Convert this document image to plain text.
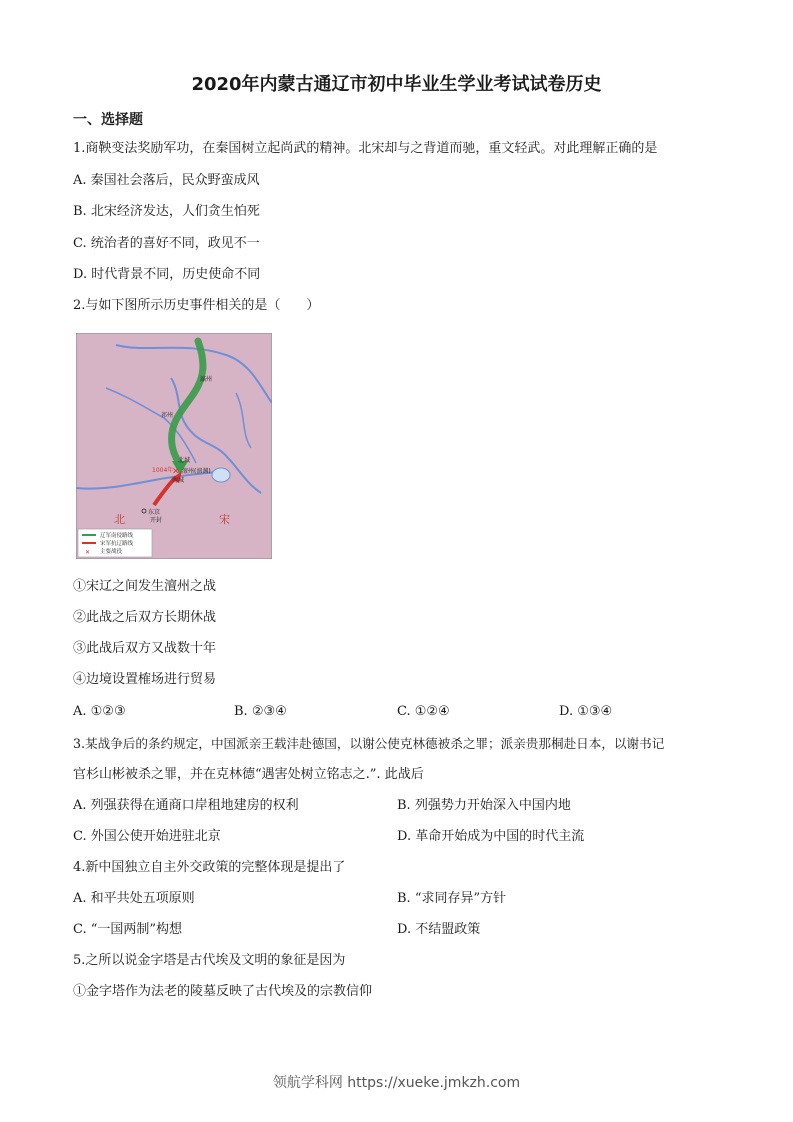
2020年内蒙古通辽市初中毕业生学业考试试卷历史
一、选择题
1.商鞅变法奖励军功，在秦国树立起尚武的精神。北宋却与之背道而驰，重文轻武。对此理解正确的是
A. 秦国社会落后，民众野蛮成风
B. 北宋经济发达，人们贪生怕死
C. 统治者的喜好不同，政见不一
D. 时代背景不同，历史使命不同
2.与如下图所示历史事件相关的是（　　）
✕
瀛州
祁州
北城
1004年 澶州(澶渊)
南城
东京
开封
北	宋
辽军南侵路线
宋军抗辽路线
✕ 主要战役
①宋辽之间发生澶州之战
②此战之后双方长期休战
③此战后双方又战数十年
④边境设置榷场进行贸易
A. ①②③	B. ②③④	C. ①②④	D. ①③④
3.某战争后的条约规定，中国派亲王载沣赴德国，以谢公使克林德被杀之罪；派亲贵那桐赴日本，以谢书记
官杉山彬被杀之罪，并在克林德“遇害处树立铭志之.”. 此战后
A. 列强获得在通商口岸租地建房的权利	B. 列强势力开始深入中国内地
C. 外国公使开始进驻北京	D. 革命开始成为中国的时代主流
4.新中国独立自主外交政策的完整体现是提出了
A. 和平共处五项原则	B. “求同存异”方针
C. “一国两制”构想	D. 不结盟政策
5.之所以说金字塔是古代埃及文明的象征是因为
①金字塔作为法老的陵墓反映了古代埃及的宗教信仰
领航学科网 https://xueke.jmkzh.com
